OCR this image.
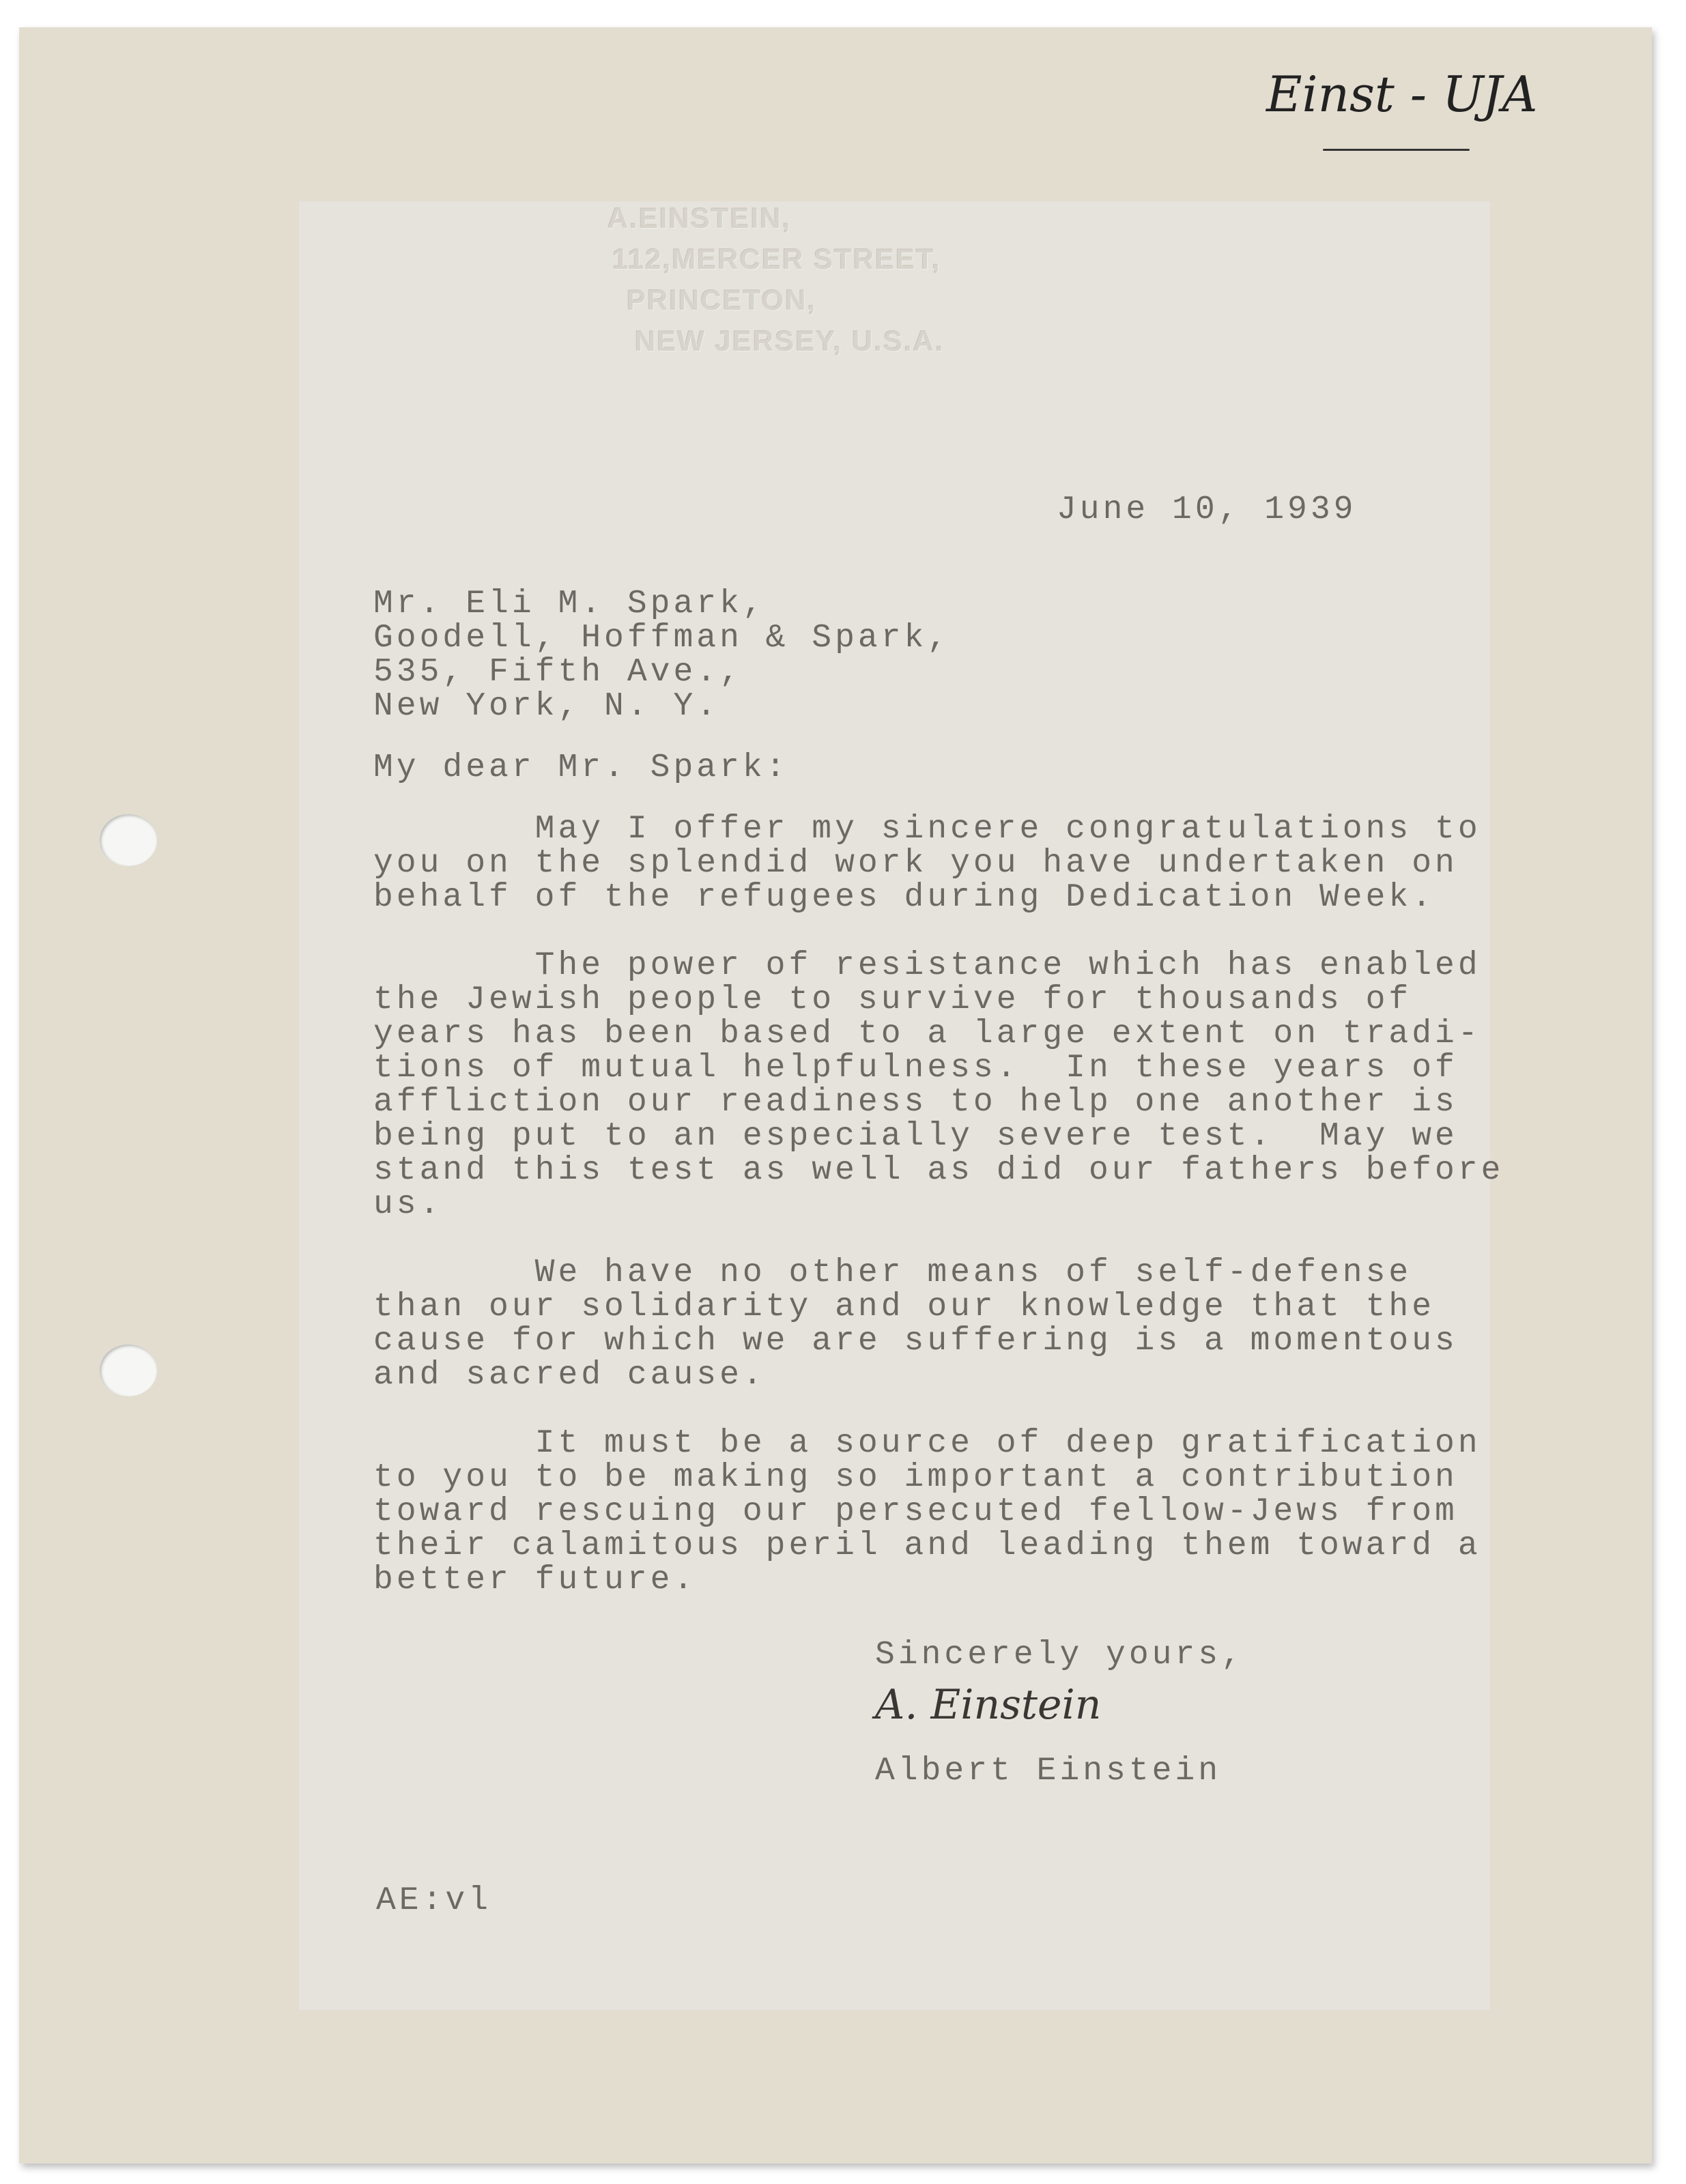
Einst - UJA
A.EINSTEIN,
112,MERCER STREET,
PRINCETON,
NEW JERSEY, U.S.A.
June 10, 1939
Mr. Eli M. Spark,
Goodell, Hoffman & Spark,
535, Fifth Ave.,
New York, N. Y.
My dear Mr. Spark:
May I offer my sincere congratulations to
you on the splendid work you have undertaken on
behalf of the refugees during Dedication Week.
The power of resistance which has enabled
the Jewish people to survive for thousands of
years has been based to a large extent on tradi-
tions of mutual helpfulness.  In these years of
affliction our readiness to help one another is
being put to an especially severe test.  May we
stand this test as well as did our fathers before
us.
We have no other means of self-defense
than our solidarity and our knowledge that the
cause for which we are suffering is a momentous
and sacred cause.
It must be a source of deep gratification
to you to be making so important a contribution
toward rescuing our persecuted fellow-Jews from
their calamitous peril and leading them toward a
better future.
Sincerely yours,
A. Einstein
Albert Einstein
AE:vl
